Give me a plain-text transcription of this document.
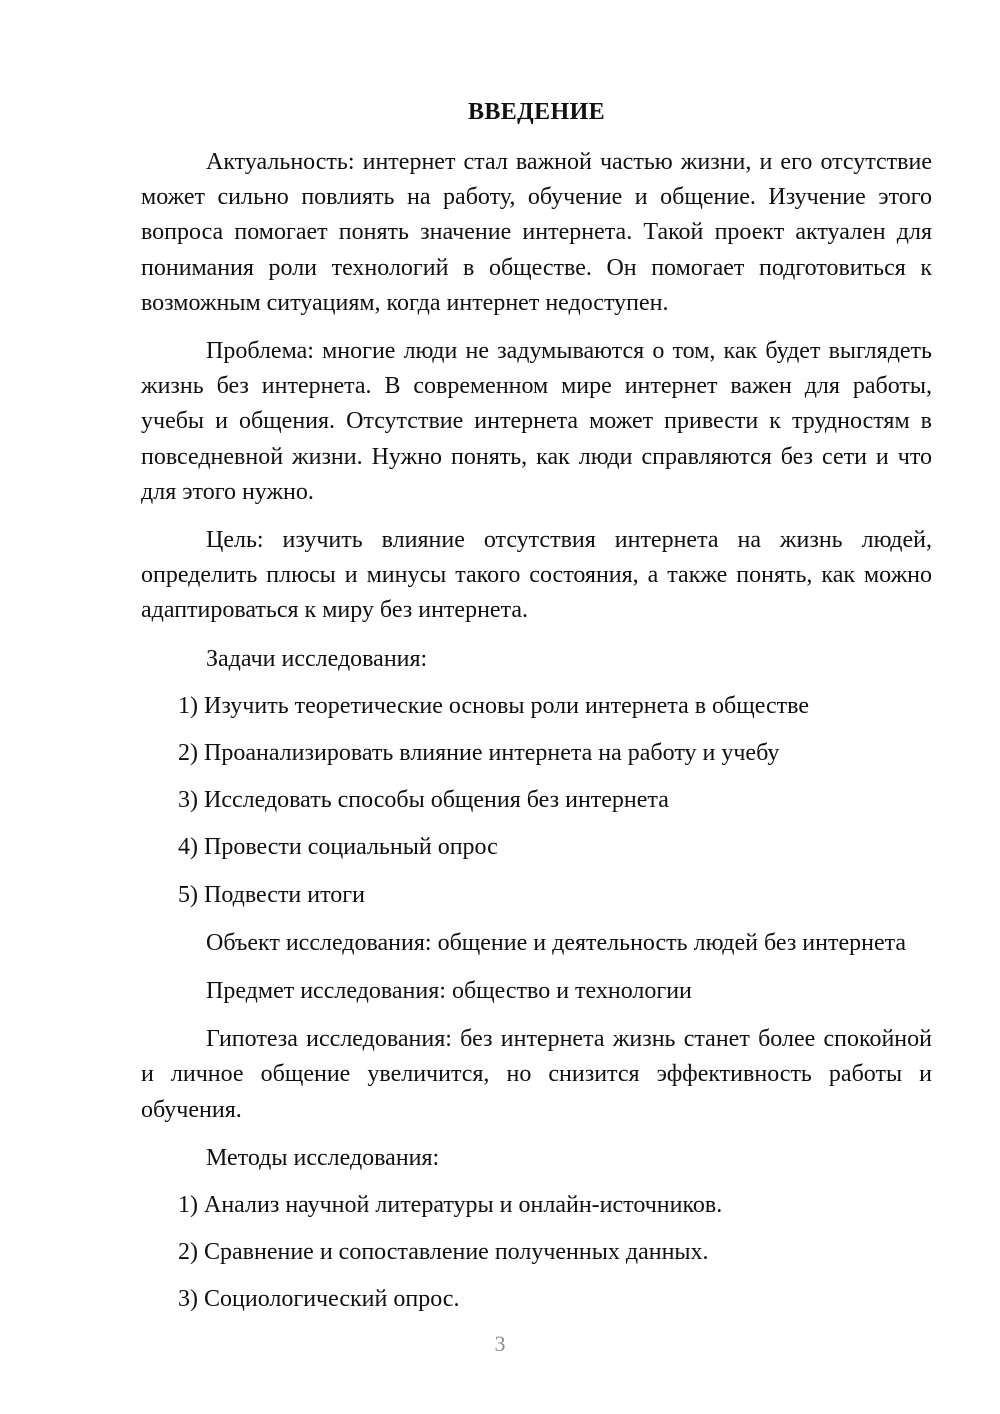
ВВЕДЕНИЕ

Актуальность: интернет стал важной частью жизни, и его отсутствие может сильно повлиять на работу, обучение и общение. Изучение этого вопроса помогает понять значение интернета. Такой проект актуален для понимания роли технологий в обществе. Он помогает подготовиться к возможным ситуациям, когда интернет недоступен.

Проблема: многие люди не задумываются о том, как будет выглядеть жизнь без интернета. В современном мире интернет важен для работы, учебы и общения. Отсутствие интернета может привести к трудностям в повседневной жизни. Нужно понять, как люди справляются без сети и что для этого нужно.

Цель: изучить влияние отсутствия интернета на жизнь людей, определить плюсы и минусы такого состояния, а также понять, как можно адаптироваться к миру без интернета.

Задачи исследования:

1) Изучить теоретические основы роли интернета в обществе
2) Проанализировать влияние интернета на работу и учебу
3) Исследовать способы общения без интернета
4) Провести социальный опрос
5) Подвести итоги

Объект исследования: общение и деятельность людей без интернета

Предмет исследования: общество и технологии

Гипотеза исследования: без интернета жизнь станет более спокойной и личное общение увеличится, но снизится эффективность работы и обучения.

Методы исследования:

1) Анализ научной литературы и онлайн-источников.
2) Сравнение и сопоставление полученных данных.
3) Социологический опрос.
3
